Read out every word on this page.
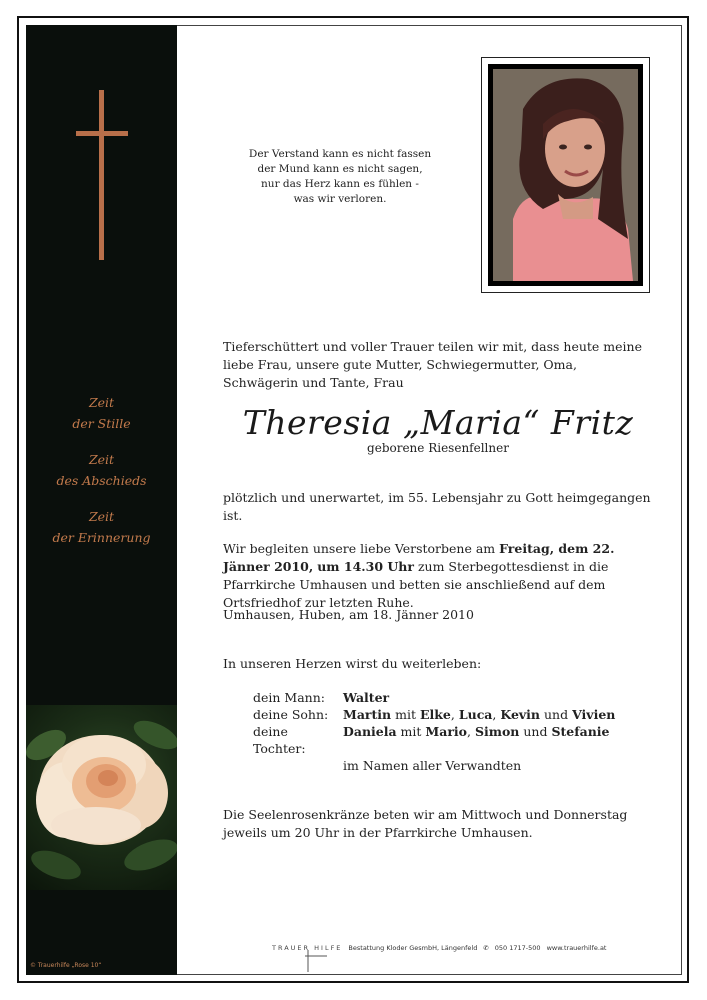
Zeit
der Stille
Zeit
des Abschieds
Zeit
der Erinnerung
© Trauerhilfe „Rose 10“
Der Verstand kann es nicht fassen
der Mund kann es nicht sagen,
nur das Herz kann es fühlen -
was wir verloren.
Tieferschüttert und voller Trauer teilen wir mit, dass heute meine liebe Frau, unsere gute Mutter, Schwiegermutter, Oma, Schwägerin und Tante, Frau
Theresia „Maria“ Fritz
geborene Riesenfellner
plötzlich und unerwartet, im 55. Lebensjahr zu Gott heimgegangen ist.
Wir begleiten unsere liebe Verstorbene am Freitag, dem 22. Jänner 2010, um 14.30 Uhr zum Sterbegottesdienst in die Pfarrkirche Umhausen und betten sie anschließend auf dem Ortsfriedhof zur letzten Ruhe.
Umhausen, Huben, am 18. Jänner 2010
In unseren Herzen wirst du weiterleben:
dein Mann:	Walter
deine Sohn:	Martin mit Elke, Luca, Kevin und Vivien
deine Tochter:
Daniela mit Mario, Simon und Stefanie
im Namen aller Verwandten
Die Seelenrosenkränze beten wir am Mittwoch und Donnerstag jeweils um 20 Uhr in der Pfarrkirche Umhausen.
TRAUER HILFE Bestattung Kloder GesmbH, Längenfeld ✆ 050 1717-500 www.trauerhilfe.at
